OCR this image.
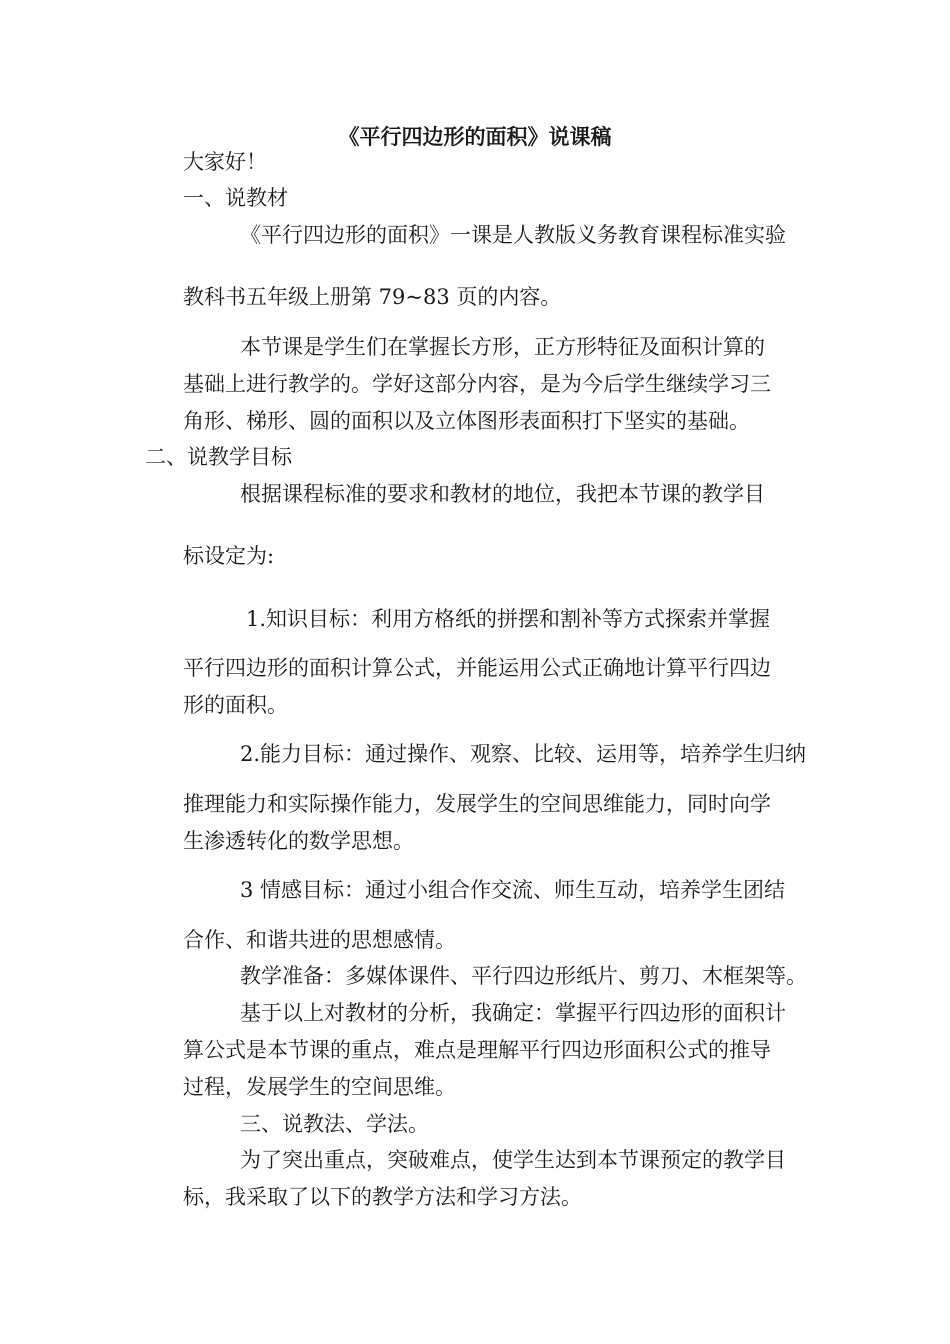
《平行四边形的面积》说课稿
大家好！
一、说教材
《平行四边形的面积》一课是人教版义务教育课程标准实验
教科书五年级上册第 79~83 页的内容。
本节课是学生们在掌握长方形，正方形特征及面积计算的
基础上进行教学的。学好这部分内容，是为今后学生继续学习三
角形、梯形、圆的面积以及立体图形表面积打下坚实的基础。
二、说教学目标
根据课程标准的要求和教材的地位，我把本节课的教学目
标设定为:
1.知识目标：利用方格纸的拼摆和割补等方式探索并掌握
平行四边形的面积计算公式，并能运用公式正确地计算平行四边
形的面积。
2.能力目标：通过操作、观察、比较、运用等，培养学生归纳
推理能力和实际操作能力，发展学生的空间思维能力，同时向学
生渗透转化的数学思想。
3 情感目标：通过小组合作交流、师生互动，培养学生团结
合作、和谐共进的思想感情。
教学准备：多媒体课件、平行四边形纸片、剪刀、木框架等。
基于以上对教材的分析，我确定：掌握平行四边形的面积计
算公式是本节课的重点，难点是理解平行四边形面积公式的推导
过程，发展学生的空间思维。
三、说教法、学法。
为了突出重点，突破难点，使学生达到本节课预定的教学目
标，我采取了以下的教学方法和学习方法。
